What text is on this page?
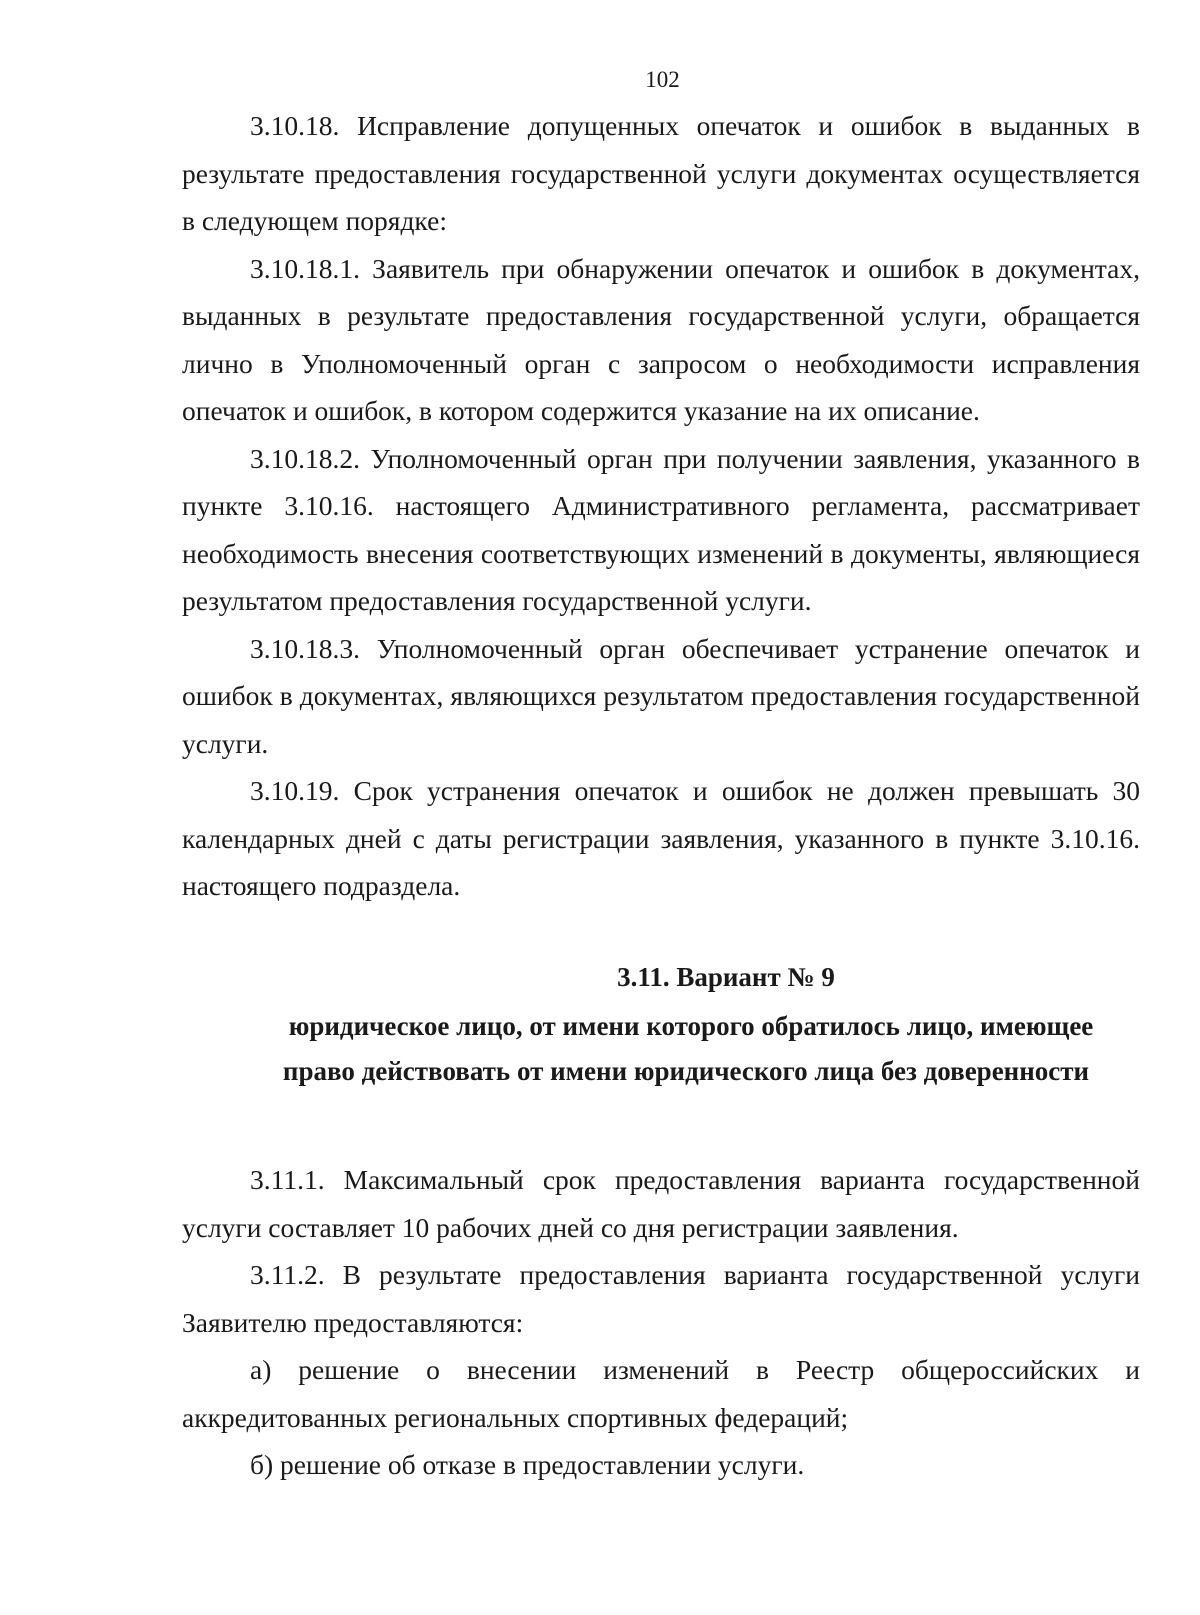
102

3.10.18. Исправление допущенных опечаток и ошибок в выданных в результате предоставления государственной услуги документах осуществляется в следующем порядке:

3.10.18.1. Заявитель при обнаружении опечаток и ошибок в документах, выданных в результате предоставления государственной услуги, обращается лично в Уполномоченный орган с запросом о необходимости исправления опечаток и ошибок, в котором содержится указание на их описание.

3.10.18.2. Уполномоченный орган при получении заявления, указанного в пункте 3.10.16. настоящего Административного регламента, рассматривает необходимость внесения соответствующих изменений в документы, являющиеся результатом предоставления государственной услуги.

3.10.18.3. Уполномоченный орган обеспечивает устранение опечаток и ошибок в документах, являющихся результатом предоставления государственной услуги.

3.10.19. Срок устранения опечаток и ошибок не должен превышать 30 календарных дней с даты регистрации заявления, указанного в пункте 3.10.16. настоящего подраздела.

3.11. Вариант № 9

юридическое лицо, от имени которого обратилось лицо, имеющее

право действовать от имени юридического лица без доверенности

3.11.1. Максимальный срок предоставления варианта государственной услуги составляет 10 рабочих дней со дня регистрации заявления.

3.11.2. В результате предоставления варианта государственной услуги Заявителю предоставляются:

а) решение о внесении изменений в Реестр общероссийских и аккредитованных региональных спортивных федераций;

б) решение об отказе в предоставлении услуги.
